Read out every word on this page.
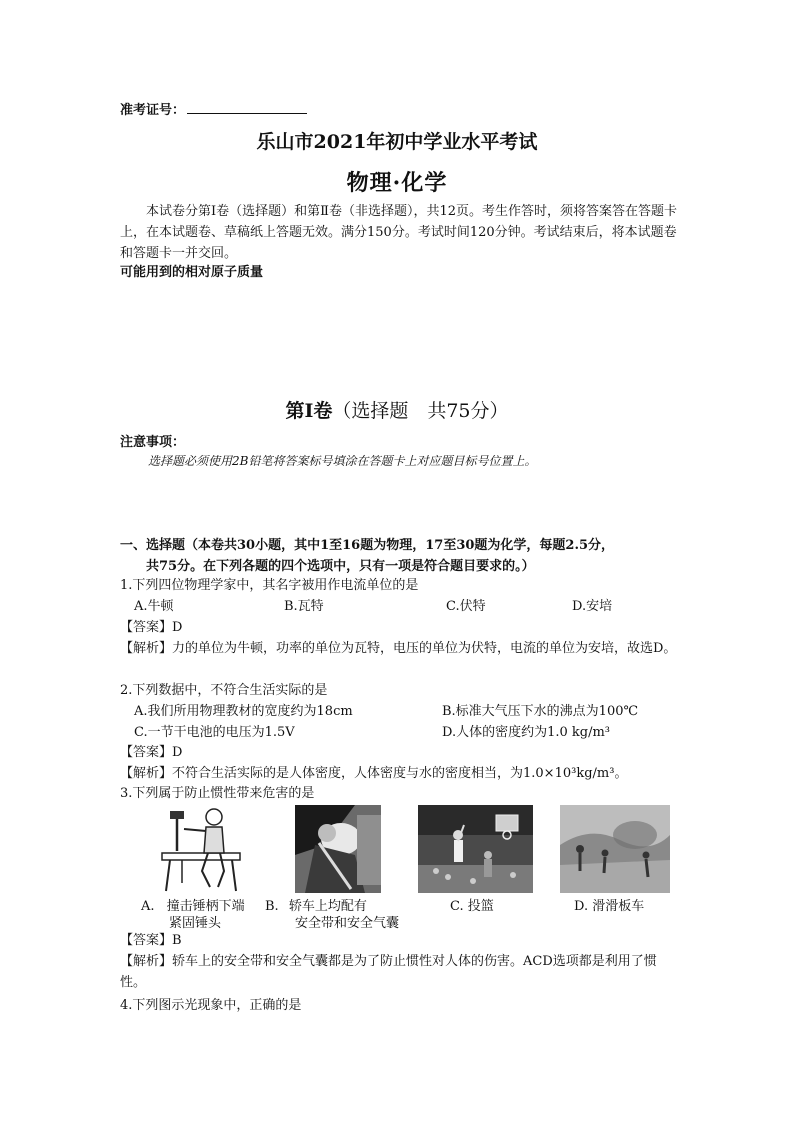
准考证号：
乐山市2021年初中学业水平考试
物理·化学
本试卷分第Ⅰ卷（选择题）和第Ⅱ卷（非选择题），共12页。考生作答时，须将答案答在答题卡上，在本试题卷、草稿纸上答题无效。满分150分。考试时间120分钟。考试结束后，将本试题卷和答题卡一并交回。
可能用到的相对原子质量
第Ⅰ卷（选择题　共75分）
注意事项：
选择题必须使用2B铅笔将答案标号填涂在答题卡上对应题目标号位置上。
一、选择题（本卷共30小题，其中1至16题为物理，17至30题为化学，每题2.5分，
共75分。在下列各题的四个选项中，只有一项是符合题目要求的。）
1.下列四位物理学家中，其名字被用作电流单位的是
A.牛顿	B.瓦特	C.伏特	D.安培
【答案】D
【解析】力的单位为牛顿，功率的单位为瓦特，电压的单位为伏特，电流的单位为安培，故选D。
2.下列数据中，不符合生活实际的是
A.我们所用物理教材的宽度约为18cm	B.标准大气压下水的沸点为100℃
C.一节干电池的电压为1.5V	D.人体的密度约为1.0 kg/m³
【答案】D
【解析】不符合生活实际的是人体密度，人体密度与水的密度相当，为1.0×10³kg/m³。
3.下列属于防止惯性带来危害的是
A. 撞击锤柄下端
紧固锤头
B. 轿车上均配有
安全带和安全气囊
C. 投篮	D. 滑滑板车
【答案】B
【解析】轿车上的安全带和安全气囊都是为了防止惯性对人体的伤害。ACD选项都是利用了惯性。
4.下列图示光现象中，正确的是
